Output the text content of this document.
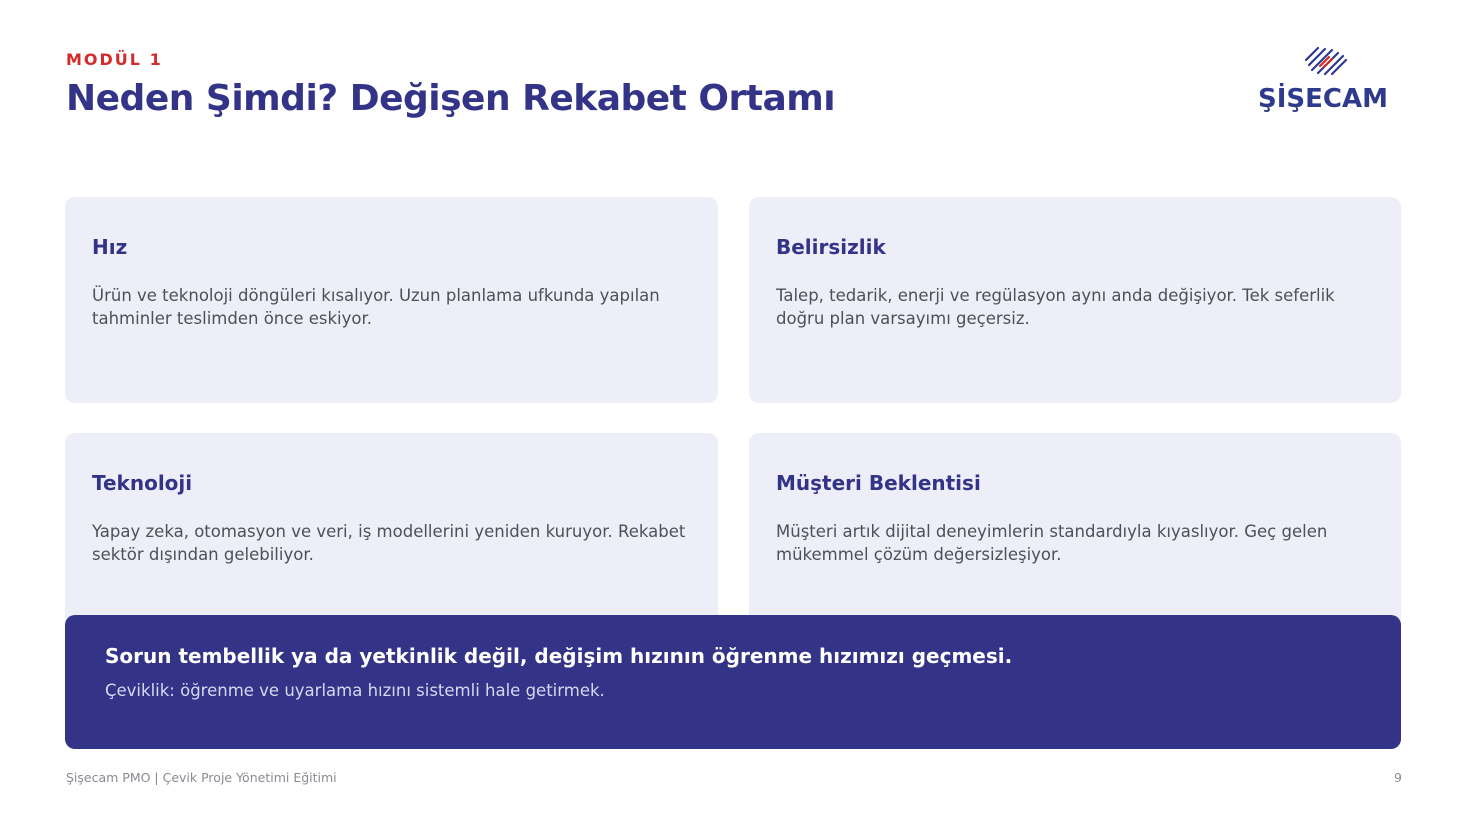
MODÜL 1
Neden Şimdi? Değişen Rekabet Ortamı	ŞİŞECAM
Hız
Ürün ve teknoloji döngüleri kısalıyor. Uzun planlama ufkunda yapılan tahminler teslimden önce eskiyor.
Belirsizlik
Talep, tedarik, enerji ve regülasyon aynı anda değişiyor. Tek seferlik doğru plan varsayımı geçersiz.
Teknoloji
Yapay zeka, otomasyon ve veri, iş modellerini yeniden kuruyor. Rekabet sektör dışından gelebiliyor.
Müşteri Beklentisi
Müşteri artık dijital deneyimlerin standardıyla kıyaslıyor. Geç gelen mükemmel çözüm değersizleşiyor.
Sorun tembellik ya da yetkinlik değil, değişim hızının öğrenme hızımızı geçmesi.
Çeviklik: öğrenme ve uyarlama hızını sistemli hale getirmek.
Şişecam PMO | Çevik Proje Yönetimi Eğitimi	9
